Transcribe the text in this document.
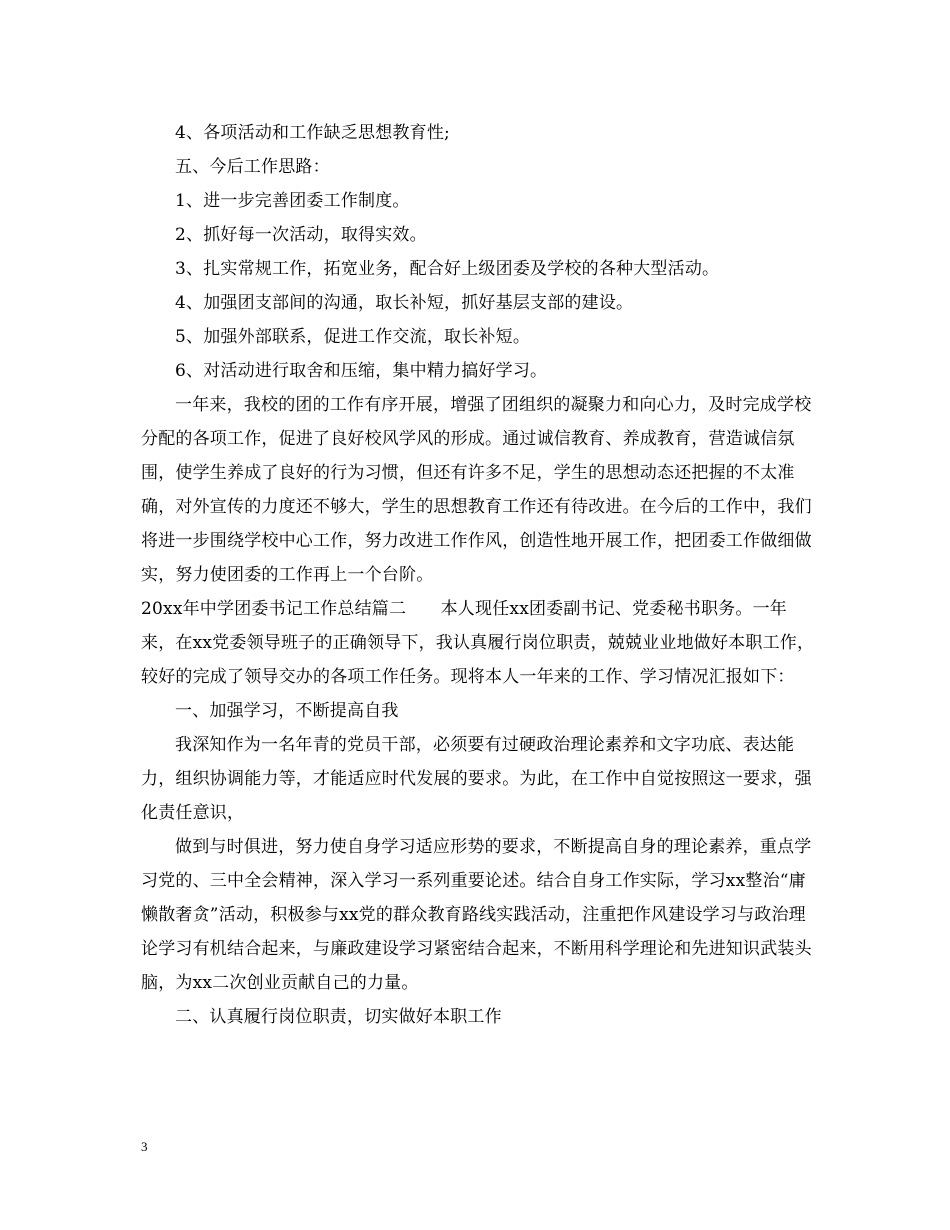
4、各项活动和工作缺乏思想教育性;

五、今后工作思路：

1、进一步完善团委工作制度。

2、抓好每一次活动，取得实效。

3、扎实常规工作，拓宽业务，配合好上级团委及学校的各种大型活动。

4、加强团支部间的沟通，取长补短，抓好基层支部的建设。

5、加强外部联系，促进工作交流，取长补短。

6、对活动进行取舍和压缩，集中精力搞好学习。

一年来，我校的团的工作有序开展，增强了团组织的凝聚力和向心力，及时完成学校分配的各项工作，促进了良好校风学风的形成。通过诚信教育、养成教育，营造诚信氛围，使学生养成了良好的行为习惯，但还有许多不足，学生的思想动态还把握的不太准确，对外宣传的力度还不够大，学生的思想教育工作还有待改进。在今后的工作中，我们将进一步围绕学校中心工作，努力改进工作作风，创造性地开展工作，把团委工作做细做实，努力使团委的工作再上一个台阶。

20xx年中学团委书记工作总结篇二　　本人现任xx团委副书记、党委秘书职务。一年来，在xx党委领导班子的正确领导下，我认真履行岗位职责，兢兢业业地做好本职工作，较好的完成了领导交办的各项工作任务。现将本人一年来的工作、学习情况汇报如下：

一、加强学习，不断提高自我

我深知作为一名年青的党员干部，必须要有过硬政治理论素养和文字功底、表达能力，组织协调能力等，才能适应时代发展的要求。为此，在工作中自觉按照这一要求，强化责任意识，

做到与时俱进，努力使自身学习适应形势的要求，不断提高自身的理论素养，重点学习党的、三中全会精神，深入学习一系列重要论述。结合自身工作实际，学习xx整治“庸懒散奢贪”活动，积极参与xx党的群众教育路线实践活动，注重把作风建设学习与政治理论学习有机结合起来，与廉政建设学习紧密结合起来，不断用科学理论和先进知识武装头脑，为xx二次创业贡献自己的力量。

二、认真履行岗位职责，切实做好本职工作

3
